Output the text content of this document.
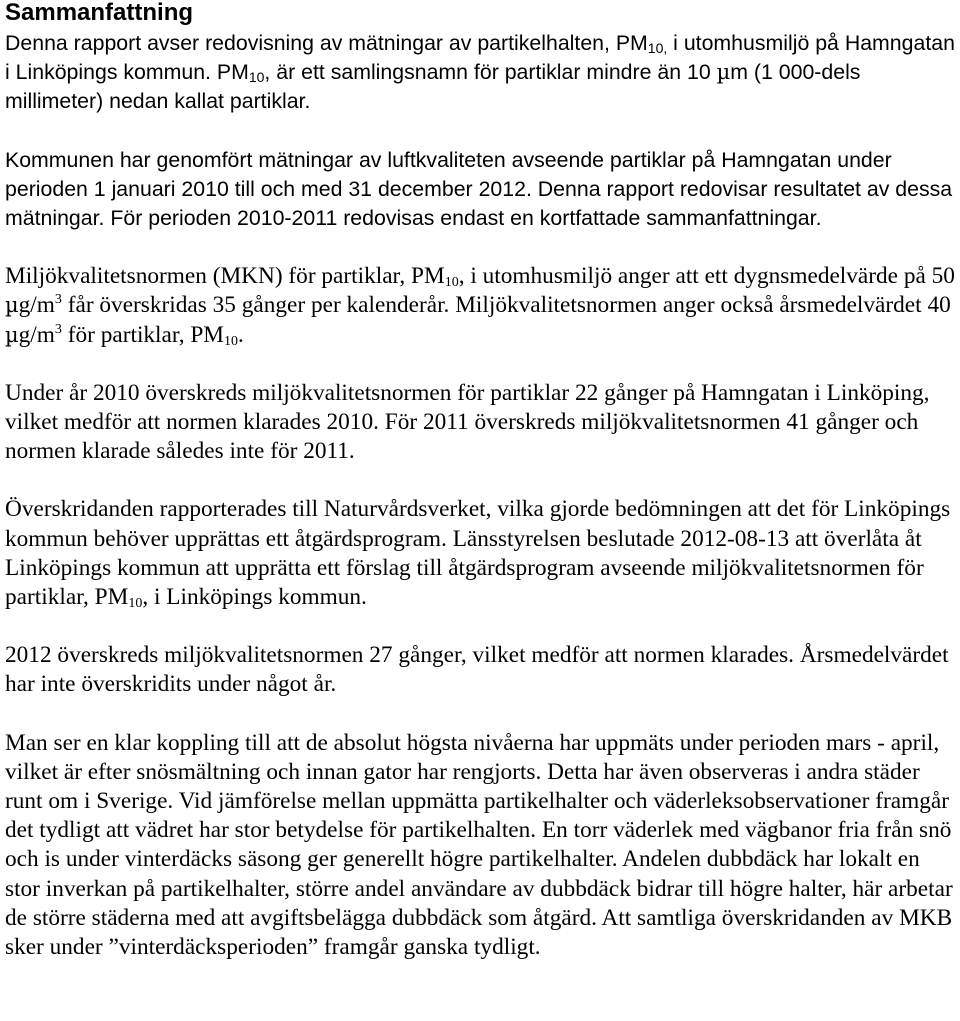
Sammanfattning

Denna rapport avser redovisning av mätningar av partikelhalten, $PM_{10,}$ i utomhusmiljö på Hamngatan i Linköpings kommun. $PM_{10}$, är ett samlingsnamn för partiklar mindre än 10 µm (1 000-dels millimeter) nedan kallat partiklar.

Kommunen har genomfört mätningar av luftkvaliteten avseende partiklar på Hamngatan under perioden 1 januari 2010 till och med 31 december 2012. Denna rapport redovisar resultatet av dessa mätningar. För perioden 2010-2011 redovisas endast en kortfattade sammanfattningar.

Miljökvalitetsnormen (MKN) för partiklar, $PM_{10}$, i utomhusmiljö anger att ett dygnsmedelvärde på 50 $\mu g/m^3$ får överskridas 35 gånger per kalenderår. Miljökvalitetsnormen anger också årsmedelvärdet 40 $\mu g/m^3$ för partiklar, $PM_{10}$.

Under år 2010 överskreds miljökvalitetsnormen för partiklar 22 gånger på Hamngatan i Linköping, vilket medför att normen klarades 2010. För 2011 överskreds miljökvalitetsnormen 41 gånger och normen klarade således inte för 2011.

Överskridanden rapporterades till Naturvårdsverket, vilka gjorde bedömningen att det för Linköpings kommun behöver upprättas ett åtgärdsprogram. Länsstyrelsen beslutade 2012-08-13 att överlåta åt Linköpings kommun att upprätta ett förslag till åtgärdsprogram avseende miljökvalitetsnormen för partiklar, $PM_{10}$, i Linköpings kommun.

2012 överskreds miljökvalitetsnormen 27 gånger, vilket medför att normen klarades. Årsmedelvärdet har inte överskridits under något år.

Man ser en klar koppling till att de absolut högsta nivåerna har uppmäts under perioden mars - april, vilket är efter snösmältning och innan gator har rengjorts. Detta har även observeras i andra städer runt om i Sverige. Vid jämförelse mellan uppmätta partikelhalter och väderleksobservationer framgår det tydligt att vädret har stor betydelse för partikelhalten. En torr väderlek med vägbanor fria från snö och is under vinterdäcks säsong ger generellt högre partikelhalter. Andelen dubbdäck har lokalt en stor inverkan på partikelhalter, större andel användare av dubbdäck bidrar till högre halter, här arbetar de större städerna med att avgiftsbelägga dubbdäck som åtgärd. Att samtliga överskridanden av MKB sker under ”vinterdäcksperioden” framgår ganska tydligt.
